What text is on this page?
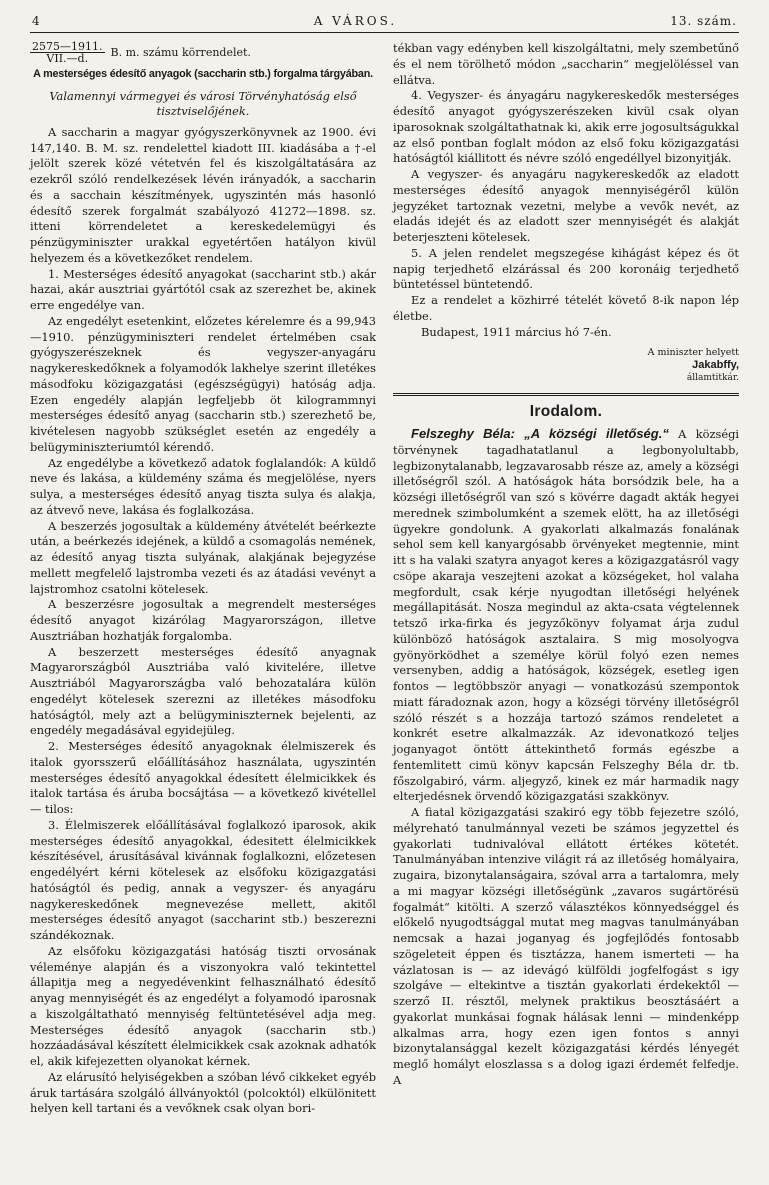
4	A VÁROS.	13. szám.
$\frac{2575—1911.}{\text{VII.—d.}} B$. m. számu körrendelet.
A mesterséges édesítő anyagok (saccharin stb.) forgalma tárgyában.
Valamennyi vármegyei és városi Törvényhatóság első tisztviselőjének.

A saccharin a magyar gyógyszerkönyvnek az 1900. évi 147,140. B. M. sz. rendelettel kiadott III. kiadásába a †-el jelölt szerek közé vétetvén fel és kiszolgáltatására az ezekről szóló rendelkezések lévén irányadók, a saccharin és a sacchain készítmények, ugyszintén más hasonló édesítő szerek forgalmát szabályozó 41272—1898. sz. itteni körrendeletet a kereskedelemügyi és pénzügyminiszter urakkal egyetértően hatályon kivül helyezem és a következőket rendelem.

1. Mesterséges édesítő anyagokat (saccharint stb.) akár hazai, akár ausztriai gyártótól csak az szerezhet be, akinek erre engedélye van.

Az engedélyt esetenkint, előzetes kérelemre és a 99,943—1910. pénzügyminiszteri rendelet értelmében csak gyógyszerészeknek és vegyszer-anyagáru nagykereskedőknek a folyamodók lakhelye szerint illetékes másodfoku közigazgatási (egészségügyi) hatóság adja. Ezen engedély alapján legfeljebb öt kilogrammnyi mesterséges édesítő anyag (saccharin stb.) szerezhető be, kivételesen nagyobb szükséglet esetén az engedély a belügyminiszteriumtól kérendő.

Az engedélybe a következő adatok foglalandók: A küldő neve és lakása, a küldemény száma és megjelölése, nyers sulya, a mesterséges édesítő anyag tiszta sulya és alakja, az átvevő neve, lakása és foglalkozása.

A beszerzés jogosultak a küldemény átvételét beérkezte után, a beérkezés idejének, a küldő a csomagolás nemének, az édesítő anyag tiszta sulyának, alakjának bejegyzése mellett megfelelő lajstromba vezeti és az átadási vevényt a lajstromhoz csatolni kötelesek.

A beszerzésre jogosultak a megrendelt mesterséges édesítő anyagot kizárólag Magyarországon, illetve Ausztriában hozhatják forgalomba.

A beszerzett mesterséges édesítő anyagnak Magyarországból Ausztriába való kivitelére, illetve Ausztriából Magyarországba való behozatalára külön engedélyt kötelesek szerezni az illetékes másodfoku hatóságtól, mely azt a belügyminiszternek bejelenti, az engedély megadásával egyidejüleg.

2. Mesterséges édesítő anyagoknak élelmiszerek és italok gyorsszerű előállításához használata, ugyszintén mesterséges édesítő anyagokkal édesített élelmicikkek és italok tartása és áruba bocsájtása — a következő kivétellel — tilos:

3. Élelmiszerek előállításával foglalkozó iparosok, akik mesterséges édesítő anyagokkal, édesitett élelmicikkek készítésével, árusításával kivánnak foglalkozni, előzetesen engedélyért kérni kötelesek az elsőfoku közigazgatási hatóságtól és pedig, annak a vegyszer- és anyagáru nagykereskedőnek megnevezése mellett, akitől mesterséges édesítő anyagot (saccharint stb.) beszerezni szándékoznak.

Az elsőfoku közigazgatási hatóság tiszti orvosának véleménye alapján és a viszonyokra való tekintettel állapitja meg a negyedévenkint felhasználható édesítő anyag mennyiségét és az engedélyt a folyamodó iparosnak a kiszolgáltatható mennyiség feltüntetésével adja meg. Mesterséges édesítő anyagok (saccharin stb.) hozzáadásával készített élelmicikkek csak azoknak adhatók el, akik kifejezetten olyanokat kérnek.

Az elárusító helyiségekben a szóban lévő cikkeket egyéb áruk tartására szolgáló állványoktól (polcoktól) elkülönitett helyen kell tartani és a vevőknek csak olyan bori-

tékban vagy edényben kell kiszolgáltatni, mely szembetűnő és el nem törölhető módon „saccharin“ megjelöléssel van ellátva.

4. Vegyszer- és ányagáru nagykereskedők mesterséges édesítő anyagot gyógyszerészeken kivül csak olyan iparosoknak szolgáltathatnak ki, akik erre jogosultságukkal az első pontban foglalt módon az első foku közigazgatási hatóságtól kiállitott és névre szóló engedéllyel bizonyitják.

A vegyszer- és anyagáru nagykereskedők az eladott mesterséges édesítő anyagok mennyiségéről külön jegyzéket tartoznak vezetni, melybe a vevők nevét, az eladás idejét és az eladott szer mennyiségét és alakját beterjeszteni kötelesek.

5. A jelen rendelet megszegése kihágást képez és öt napig terjedhető elzárással és 200 koronáig terjedhető büntetéssel büntetendő.

Ez a rendelet a közhirré tételét követő 8-ik napon lép életbe.

Budapest, 1911 március hó 7-én.

A miniszter helyett
Jakabffy,
államtitkár.
Irodalom.

Felszeghy Béla: „A községi illetőség.“ A községi törvénynek tagadhatatlanul a legbonyolultabb, legbizonytalanabb, legzavarosabb része az, amely a községi illetőségről szól. A hatóságok háta borsódzik bele, ha a községi illetőségről van szó s kövérre dagadt akták hegyei merednek szimbolumként a szemek elött, ha az illetőségi ügyekre gondolunk. A gyakorlati alkalmazás fonalának sehol sem kell kanyargósabb örvényeket megtennie, mint itt s ha valaki szatyra anyagot keres a közigazgatásról vagy csöpe akaraja veszejteni azokat a községeket, hol valaha megfordult, csak kérje nyugodtan illetőségi helyének megállapitását. Nosza megindul az akta-csata végtelennek tetsző irka-firka és jegyzőkönyv folyamat árja zudul különböző hatóságok asztalaira. S mig mosolyogva gyönyörködhet a személye körül folyó ezen nemes versenyben, addig a hatóságok, községek, esetleg igen fontos — legtöbbször anyagi — vonatkozású szempontok miatt fáradoznak azon, hogy a községi törvény illetőségről szóló részét s a hozzája tartozó számos rendeletet a konkrét esetre alkalmazzák. Az idevonatkozó teljes joganyagot öntött áttekinthető formás egészbe a fentemlitett cimü könyv kapcsán Felszeghy Béla dr. tb. főszolgabiró, várm. aljegyző, kinek ez már harmadik nagy elterjedésnek örvendő közigazgatási szakkönyv.

A fiatal közigazgatási szakiró egy több fejezetre szóló, mélyreható tanulmánnyal vezeti be számos jegyzettel és gyakorlati tudnivalóval ellátott értékes kötetét. Tanulmányában intenzive világit rá az illetőség homályaira, zugaira, bizonytalanságaira, szóval arra a tartalomra, mely a mi magyar községi illetőségünk „zavaros sugártörésü fogalmát“ kitölti. A szerző választékos könnyedséggel és előkelő nyugodtsággal mutat meg magvas tanulmányában nemcsak a hazai joganyag és jogfejlődés fontosabb szögeleteit éppen és tisztázza, hanem ismerteti — ha vázlatosan is — az idevágó külföldi jogfelfogást s igy szolgáve — eltekintve a tisztán gyakorlati érdekektől — szerző II. résztől, melynek praktikus beosztásáért a gyakorlat munkásai fognak hálásak lenni — mindenképp alkalmas arra, hogy ezen igen fontos s annyi bizonytalansággal kezelt közigazgatási kérdés lényegét meglő homályt eloszlassa s a dolog igazi érdemét felfedje. A
